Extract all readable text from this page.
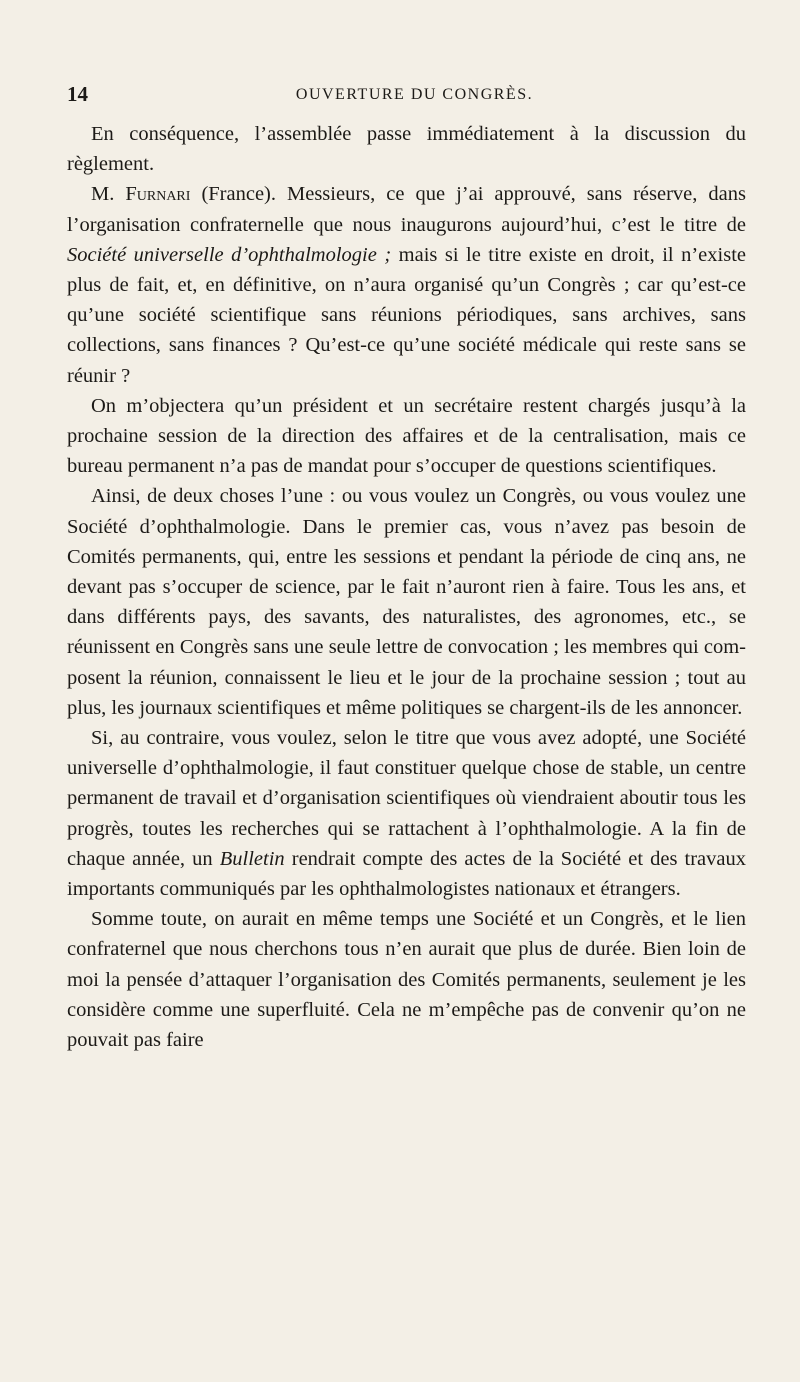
14	OUVERTURE DU CONGRÈS.

En conséquence, l’assemblée passe immédiatement à la discussion du règlement.

M. Furnari (France). Messieurs, ce que j’ai approuvé, sans réserve, dans l’organisation confraternelle que nous inaugurons aujourd’hui, c’est le titre de Société universelle d’ophthalmologie ; mais si le titre existe en droit, il n’existe plus de fait, et, en définitive, on n’aura organisé qu’un Congrès ; car qu’est-ce qu’une société scientifique sans réunions périodiques, sans archives, sans collections, sans finances ? Qu’est-ce qu’une société médicale qui reste sans se réunir ?

On m’objectera qu’un président et un secrétaire restent chargés jusqu’à la prochaine session de la direction des affaires et de la centralisation, mais ce bureau permanent n’a pas de mandat pour s’occuper de questions scientifiques.

Ainsi, de deux choses l’une : ou vous voulez un Congrès, ou vous voulez une Société d’ophthalmologie. Dans le premier cas, vous n’avez pas besoin de Comités permanents, qui, entre les sessions et pendant la période de cinq ans, ne devant pas s’occuper de science, par le fait n’auront rien à faire. Tous les ans, et dans différents pays, des savants, des naturalistes, des agronomes, etc., se réunissent en Congrès sans une seule lettre de convocation ; les membres qui composent la réunion, connaissent le lieu et le jour de la prochaine session ; tout au plus, les journaux scientifiques et même politiques se chargent-ils de les annoncer.

Si, au contraire, vous voulez, selon le titre que vous avez adopté, une Société universelle d’ophthalmologie, il faut constituer quelque chose de stable, un centre permanent de travail et d’organisation scientifiques où viendraient aboutir tous les progrès, toutes les recherches qui se rattachent à l’ophthalmologie. A la fin de chaque année, un Bulletin rendrait compte des actes de la Société et des travaux importants communiqués par les ophthalmologistes nationaux et étrangers.

Somme toute, on aurait en même temps une Société et un Congrès, et le lien confraternel que nous cherchons tous n’en aurait que plus de durée. Bien loin de moi la pensée d’attaquer l’organisation des Comités permanents, seulement je les considère comme une superfluité. Cela ne m’empêche pas de convenir qu’on ne pouvait pas faire
